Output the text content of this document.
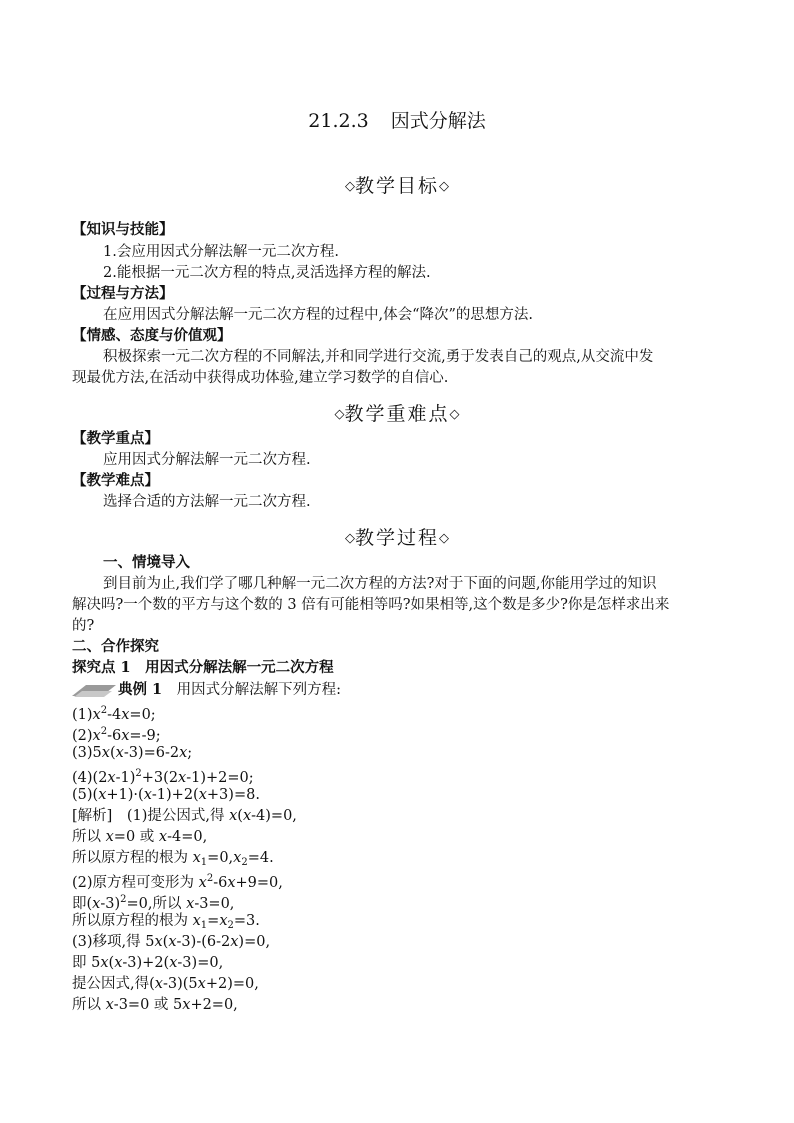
21.2.3 因式分解法
◇教学目标◇
【知识与技能】
1.会应用因式分解法解一元二次方程.
2.能根据一元二次方程的特点,灵活选择方程的解法.
【过程与方法】
在应用因式分解法解一元二次方程的过程中,体会“降次”的思想方法.
【情感、态度与价值观】
积极探索一元二次方程的不同解法,并和同学进行交流,勇于发表自己的观点,从交流中发
现最优方法,在活动中获得成功体验,建立学习数学的自信心.
◇教学重难点◇
【教学重点】
应用因式分解法解一元二次方程.
【教学难点】
选择合适的方法解一元二次方程.
◇教学过程◇
一、情境导入
到目前为止,我们学了哪几种解一元二次方程的方法?对于下面的问题,你能用学过的知识
解决吗?一个数的平方与这个数的 3 倍有可能相等吗?如果相等,这个数是多少?你是怎样求出来
的?
二、合作探究
探究点 1　用因式分解法解一元二次方程
典例 1　 用因式分解法解下列方程:
$(1)x^2-4x=0$;
$(2)x^2-6x=-9$;
(3)5x(x-3)=6-2x;
$(4)(2x-1)^2+3(2x-1)+2=0$;
(5)(x+1)·(x-1)+2(x+3)=8.
[解析]　 (1)提公因式,得 x(x-4)=0,
所以 x=0 或 x-4=0,
所以原方程的根为 $x_1=0,x_2=4$.
(2)原方程可变形为 $x^2-6x+9=0$,
即$(x-3)^2=0$,所以 x-3=0,
所以原方程的根为 $x_1=x_2=3$.
(3)移项,得 5x(x-3)-(6-2x)=0,
即 5x(x-3)+2(x-3)=0,
提公因式,得(x-3)(5x+2)=0,
所以 x-3=0 或 5x+2=0,
